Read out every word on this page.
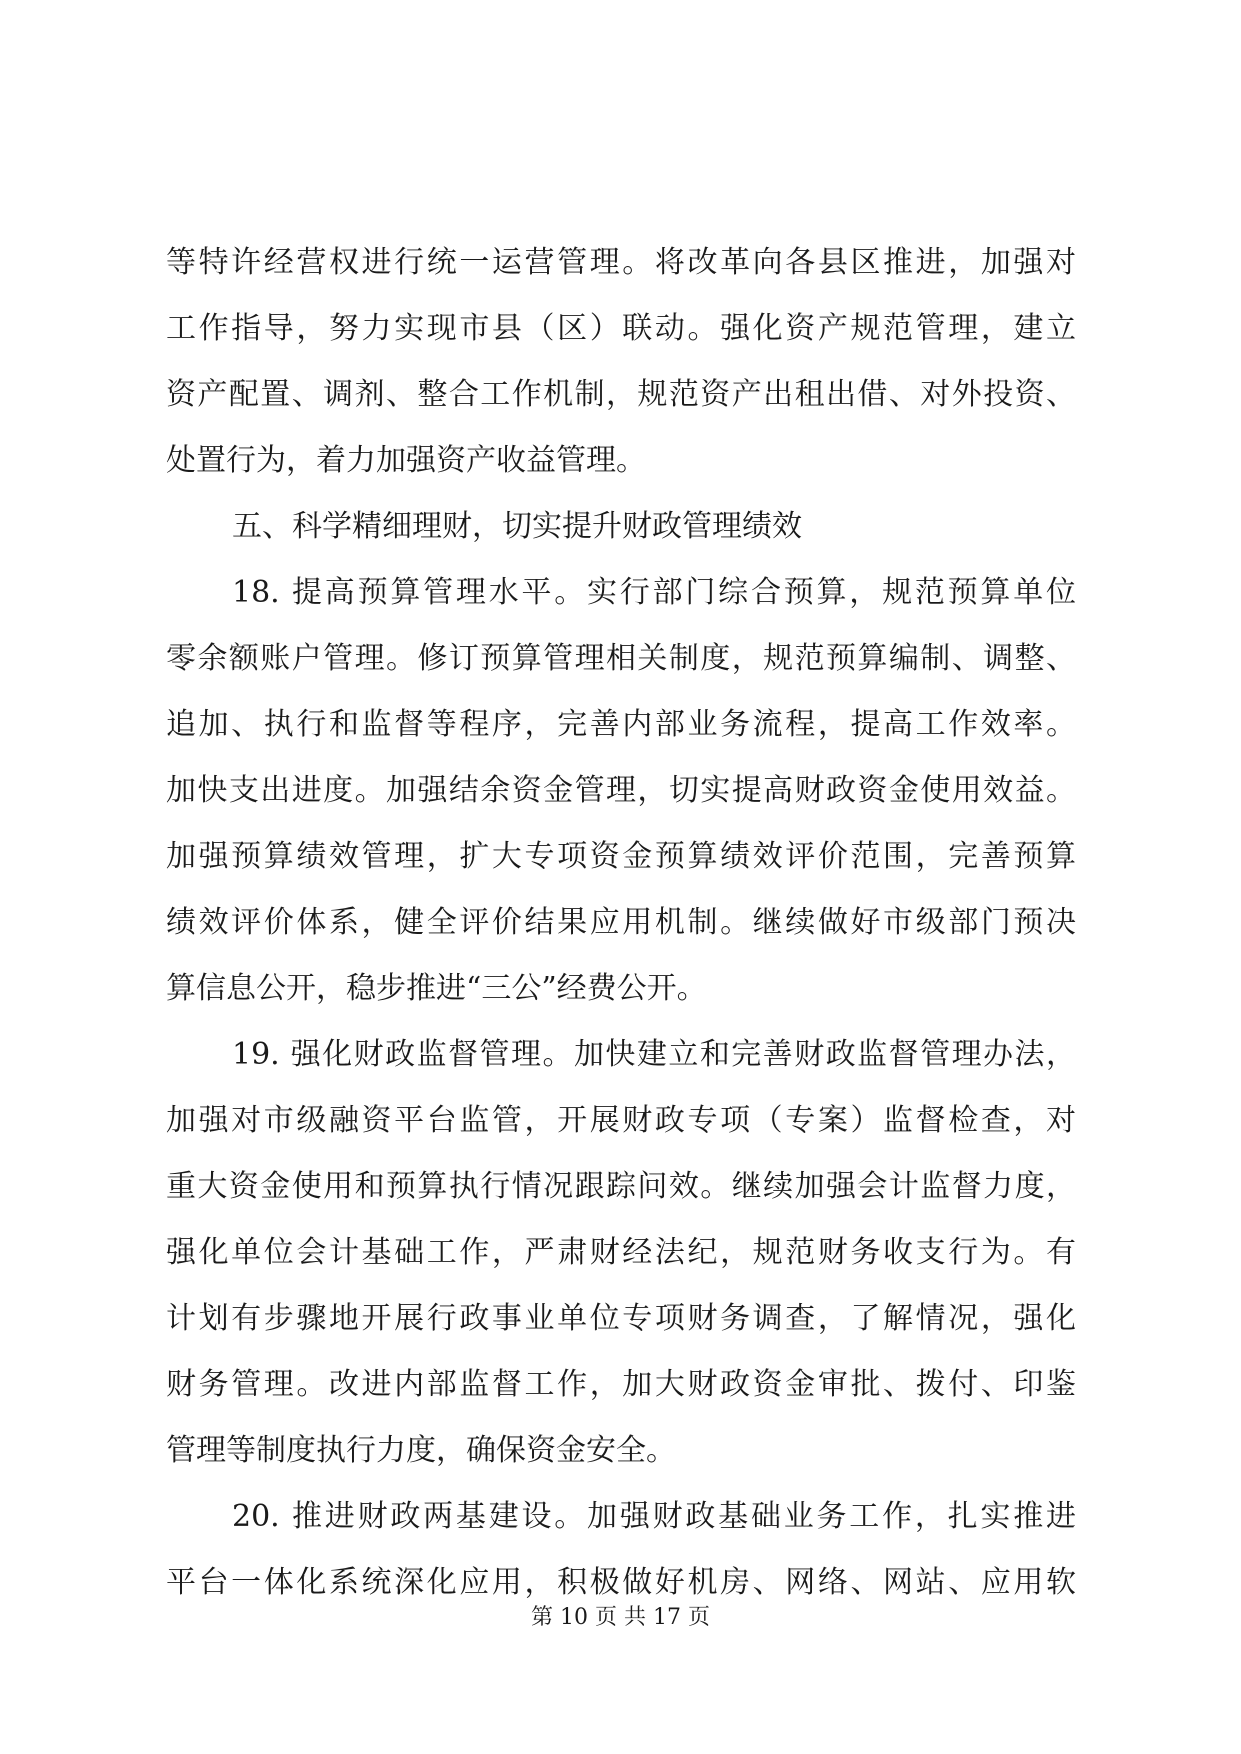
等特许经营权进行统一运营管理。将改革向各县区推进，加强对
工作指导，努力实现市县（区）联动。强化资产规范管理，建立
资产配置、调剂、整合工作机制，规范资产出租出借、对外投资、
处置行为，着力加强资产收益管理。
五、科学精细理财，切实提升财政管理绩效
18. 提高预算管理水平。实行部门综合预算，规范预算单位
零余额账户管理。修订预算管理相关制度，规范预算编制、调整、
追加、执行和监督等程序，完善内部业务流程，提高工作效率。
加快支出进度。加强结余资金管理，切实提高财政资金使用效益。
加强预算绩效管理，扩大专项资金预算绩效评价范围，完善预算
绩效评价体系，健全评价结果应用机制。继续做好市级部门预决
算信息公开，稳步推进“三公”经费公开。
19. 强化财政监督管理。加快建立和完善财政监督管理办法，
加强对市级融资平台监管，开展财政专项（专案）监督检查，对
重大资金使用和预算执行情况跟踪问效。继续加强会计监督力度，
强化单位会计基础工作，严肃财经法纪，规范财务收支行为。有
计划有步骤地开展行政事业单位专项财务调查，了解情况，强化
财务管理。改进内部监督工作，加大财政资金审批、拨付、印鉴
管理等制度执行力度，确保资金安全。
20. 推进财政两基建设。加强财政基础业务工作，扎实推进
平台一体化系统深化应用，积极做好机房、网络、网站、应用软
第 10 页 共 17 页
